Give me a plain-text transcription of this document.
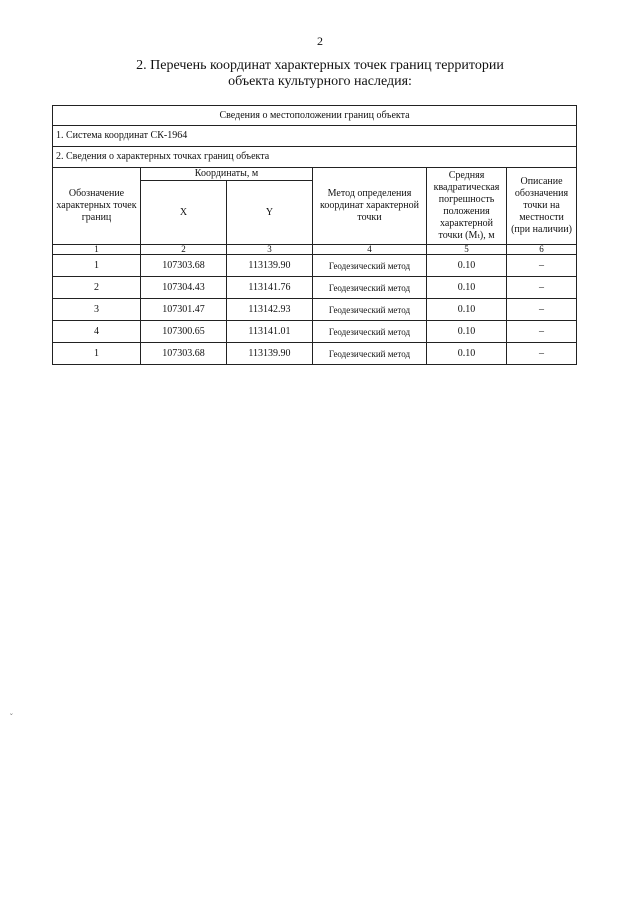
2
2. Перечень координат характерных точек границ территории
объекта культурного наследия:
Сведения о местоположении границ объекта					
1. Система координат СК-1964					
2. Сведения о характерных точках границ объекта					
Обозначение характерных точек границ	Координаты, м		Метод определения координат характерной точки	Средняя квадратическая погрешность положения характерной точки (Mₜ), м	Описание обозначения точки на местности (при наличии)
	X	Y			
1	2	3	4	5	6
1	107303.68	113139.90	Геодезический метод	0.10	–
2	107304.43	113141.76	Геодезический метод	0.10	–
3	107301.47	113142.93	Геодезический метод	0.10	–
4	107300.65	113141.01	Геодезический метод	0.10	–
1	107303.68	113139.90	Геодезический метод	0.10	–
˘
